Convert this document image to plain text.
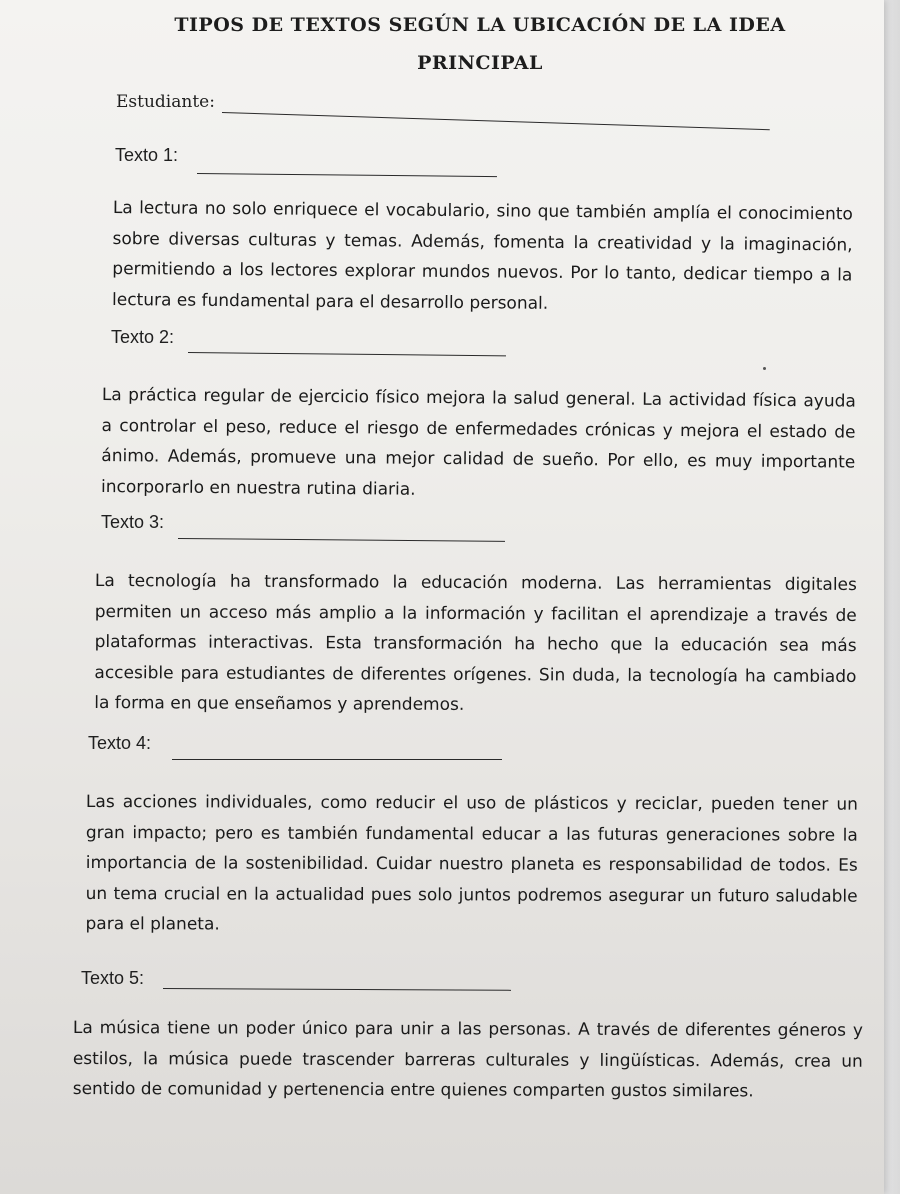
TIPOS DE TEXTOS SEGÚN LA UBICACIÓN DE LA IDEA
PRINCIPAL
Estudiante:
Texto 1:

La lectura no solo enriquece el vocabulario, sino que también amplía el conocimiento sobre diversas culturas y temas. Además, fomenta la creatividad y la imaginación, permitiendo a los lectores explorar mundos nuevos. Por lo tanto, dedicar tiempo a la lectura es fundamental para el desarrollo personal.

Texto 2:

La práctica regular de ejercicio físico mejora la salud general. La actividad física ayuda a controlar el peso, reduce el riesgo de enfermedades crónicas y mejora el estado de ánimo. Además, promueve una mejor calidad de sueño. Por ello, es muy importante incorporarlo en nuestra rutina diaria.

Texto 3:

La tecnología ha transformado la educación moderna. Las herramientas digitales permiten un acceso más amplio a la información y facilitan el aprendizaje a través de plataformas interactivas. Esta transformación ha hecho que la educación sea más accesible para estudiantes de diferentes orígenes. Sin duda, la tecnología ha cambiado la forma en que enseñamos y aprendemos.

Texto 4:

Las acciones individuales, como reducir el uso de plásticos y reciclar, pueden tener un gran impacto; pero es también fundamental educar a las futuras generaciones sobre la importancia de la sostenibilidad. Cuidar nuestro planeta es responsabilidad de todos. Es un tema crucial en la actualidad pues solo juntos podremos asegurar un futuro saludable para el planeta.

Texto 5:

La música tiene un poder único para unir a las personas. A través de diferentes géneros y estilos, la música puede trascender barreras culturales y lingüísticas. Además, crea un sentido de comunidad y pertenencia entre quienes comparten gustos similares.
